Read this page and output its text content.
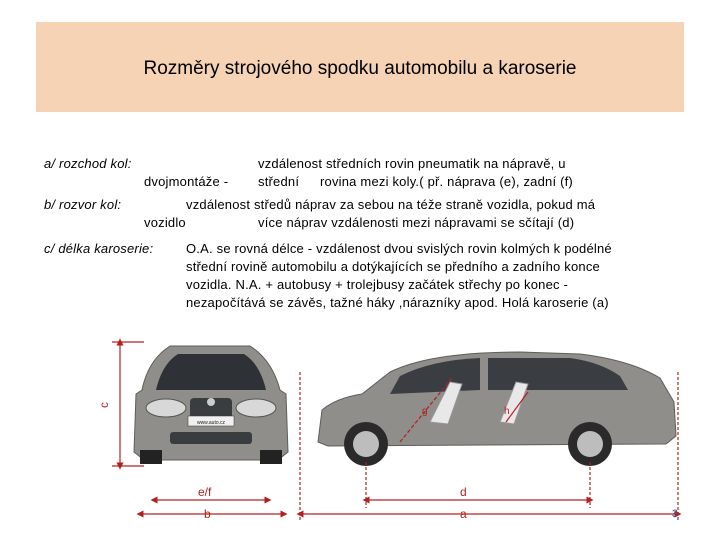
Rozměry strojového spodku automobilu a karoserie
a/ rozchod kol:	vzdálenost středních rovin pneumatik na nápravě, u
dvojmontáže - střední rovina mezi koly.( př. náprava (e), zadní (f)
b/ rozvor kol:	vzdálenost středů náprav za sebou na téže straně vozidla, pokud má
vozidlo	více náprav vzdálenosti mezi nápravami se sčítají (d)
c/ délka karoserie:	O.A. se rovná délce - vzdálenost dvou svislých rovin kolmých k podélné
střední rovině automobilu a dotýkajících se předního a zadního konce
vozidla. N.A. + autobusy + trolejbusy začátek střechy po konec -
nezapočítává se závěs, tažné háky ,nárazníky apod. Holá karoserie (a)
www.auto.cz
c
e/f
b
d
a
g	h
3
